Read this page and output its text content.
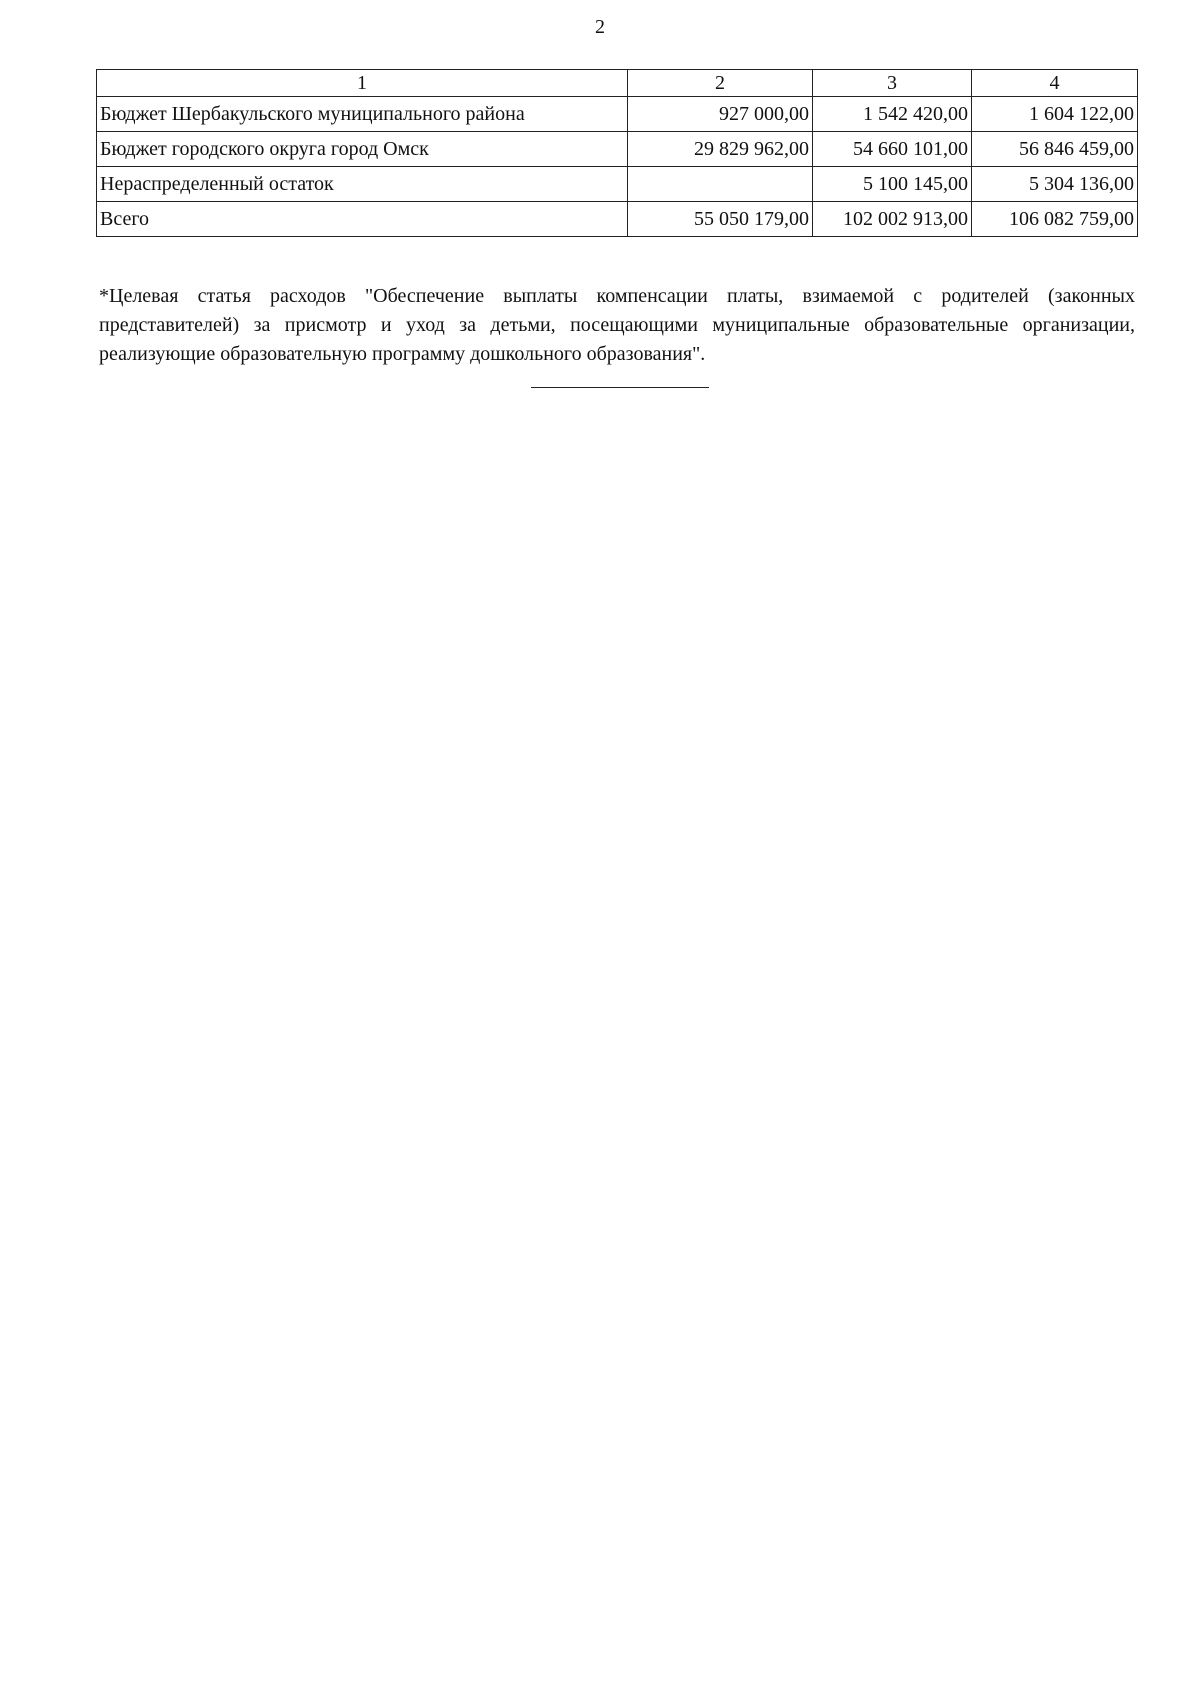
2
1	2	3	4
Бюджет Шербакульского муниципального района	927 000,00	1 542 420,00	1 604 122,00
Бюджет городского округа город Омск	29 829 962,00	54 660 101,00	56 846 459,00
Нераспределенный остаток		5 100 145,00	5 304 136,00
Всего	55 050 179,00	102 002 913,00	106 082 759,00

*Целевая статья расходов "Обеспечение выплаты компенсации платы, взимаемой с родителей (законных представителей) за присмотр и уход за детьми, посещающими муниципальные образовательные организации, реализующие образовательную программу дошкольного образования".
